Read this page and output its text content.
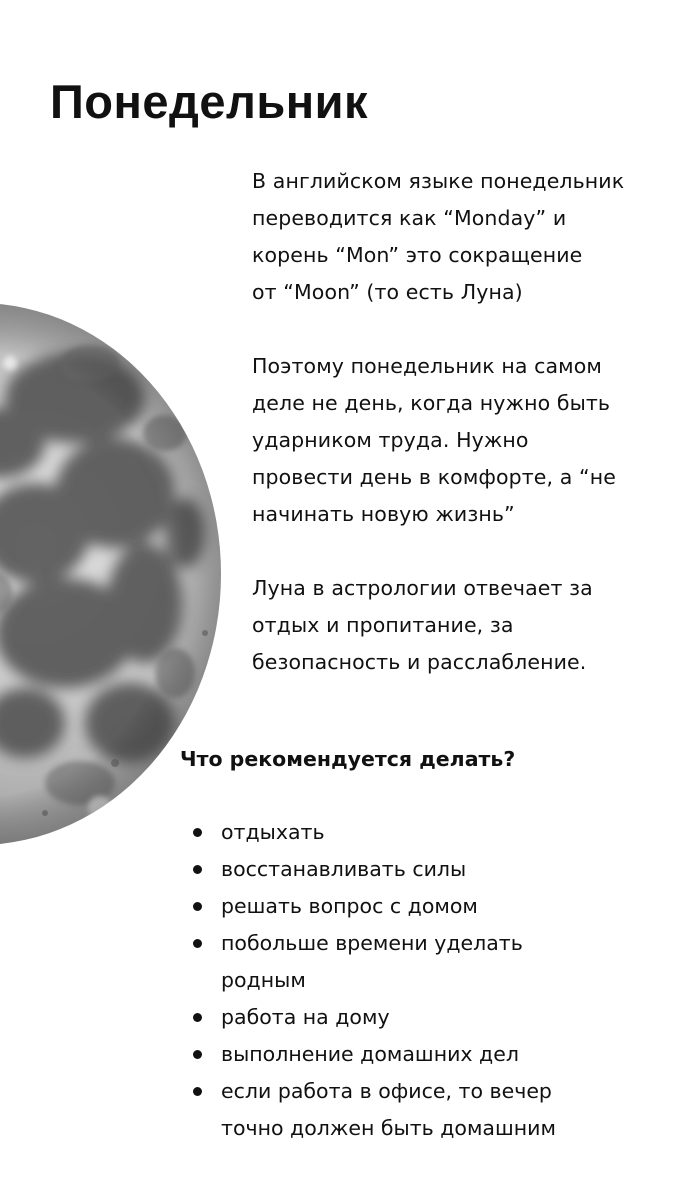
Понедельник

В английском языке понедельник
переводится как “Monday” и
корень “Mon” это сокращение
от “Moon” (то есть Луна)

Поэтому понедельник на самом
деле не день, когда нужно быть
ударником труда. Нужно
провести день в комфорте, а “не
начинать новую жизнь”

Луна в астрологии отвечает за
отдых и пропитание, за
безопасность и расслабление.

Что рекомендуется делать?
отдыхать
восстанавливать силы
решать вопрос с домом
побольше времени уделать
родным
работа на дому
выполнение домашних дел
если работа в офисе, то вечер
точно должен быть домашним
